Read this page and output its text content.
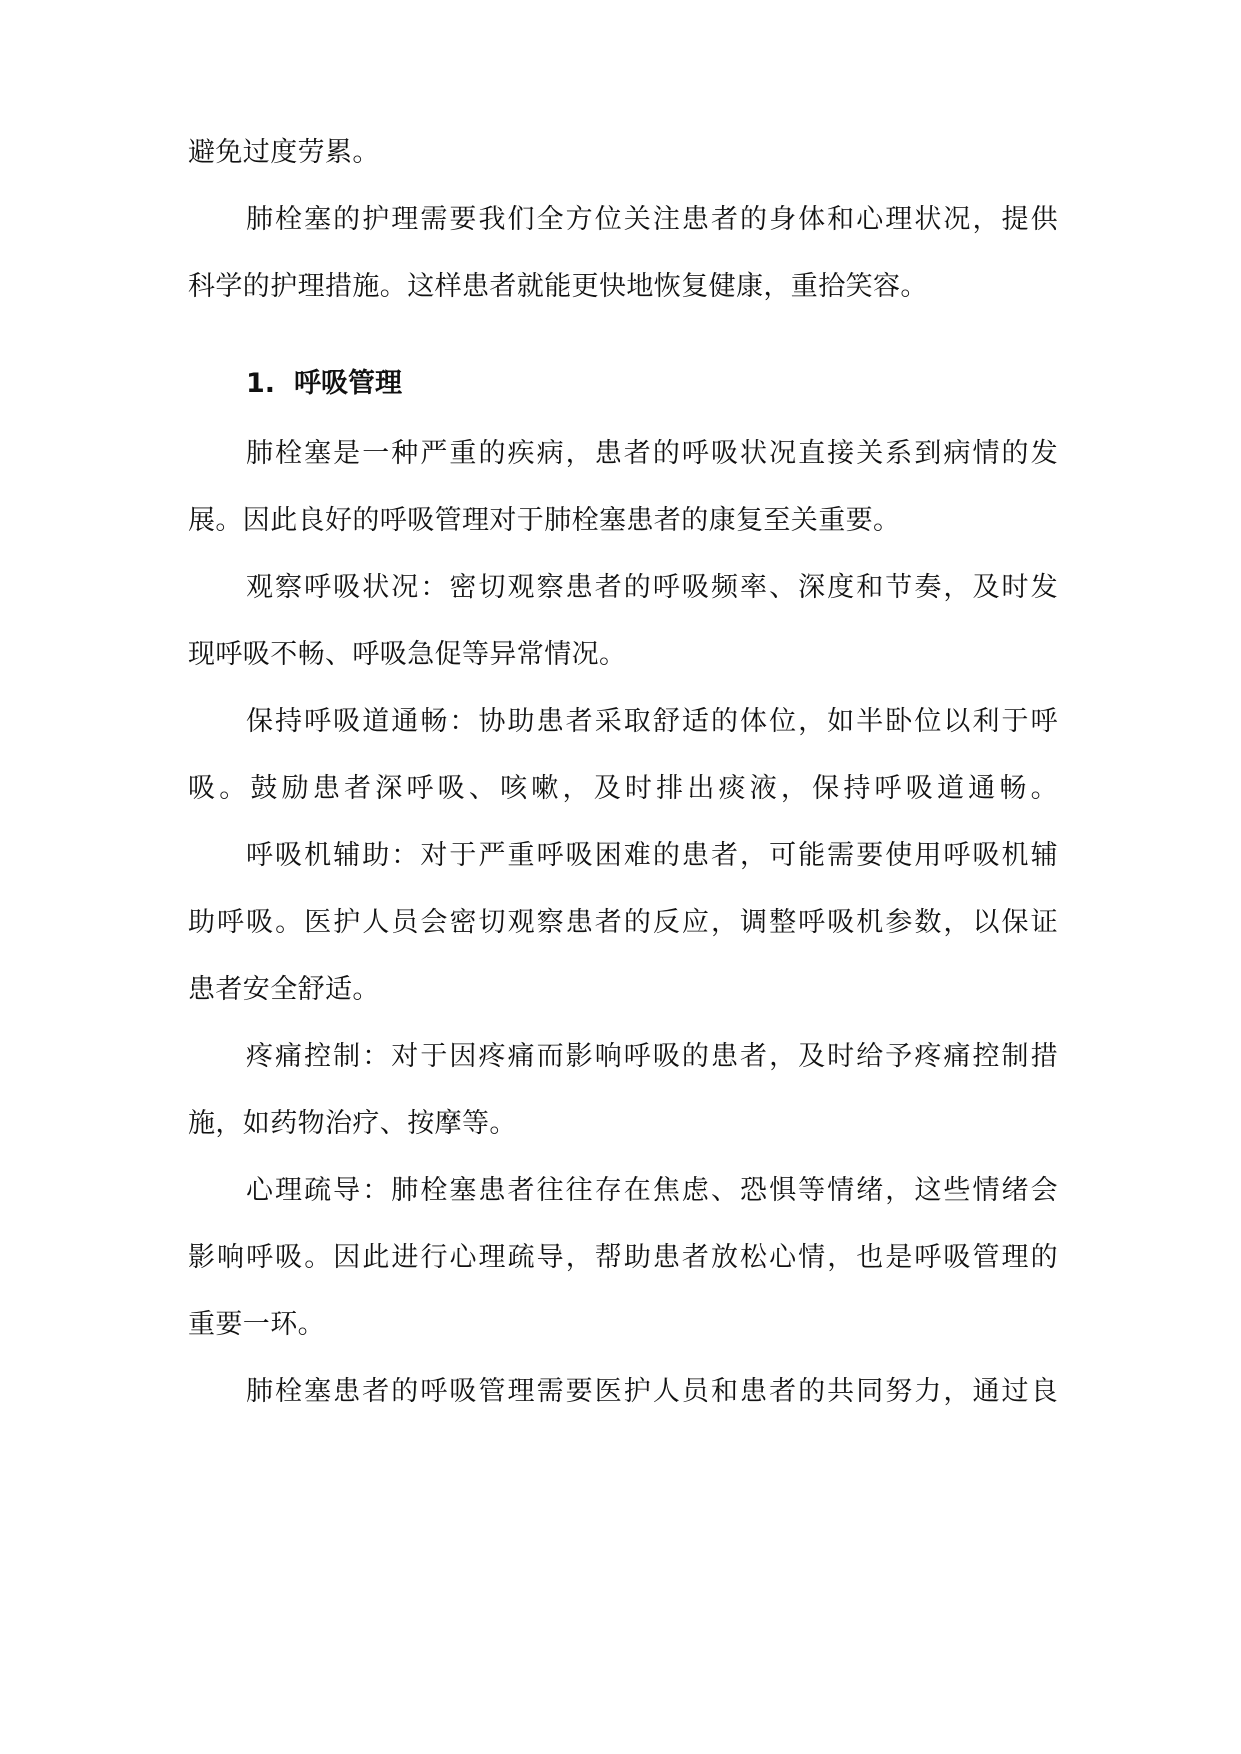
避免过度劳累。
肺栓塞的护理需要我们全方位关注患者的身体和心理状况，提供
科学的护理措施。这样患者就能更快地恢复健康，重拾笑容。
1. 呼吸管理
肺栓塞是一种严重的疾病，患者的呼吸状况直接关系到病情的发
展。因此良好的呼吸管理对于肺栓塞患者的康复至关重要。
观察呼吸状况：密切观察患者的呼吸频率、深度和节奏，及时发
现呼吸不畅、呼吸急促等异常情况。
保持呼吸道通畅：协助患者采取舒适的体位，如半卧位以利于呼
吸。鼓励患者深呼吸、咳嗽，及时排出痰液，保持呼吸道通畅。
呼吸机辅助：对于严重呼吸困难的患者，可能需要使用呼吸机辅
助呼吸。医护人员会密切观察患者的反应，调整呼吸机参数，以保证
患者安全舒适。
疼痛控制：对于因疼痛而影响呼吸的患者，及时给予疼痛控制措
施，如药物治疗、按摩等。
心理疏导：肺栓塞患者往往存在焦虑、恐惧等情绪，这些情绪会
影响呼吸。因此进行心理疏导，帮助患者放松心情，也是呼吸管理的
重要一环。
肺栓塞患者的呼吸管理需要医护人员和患者的共同努力，通过良
